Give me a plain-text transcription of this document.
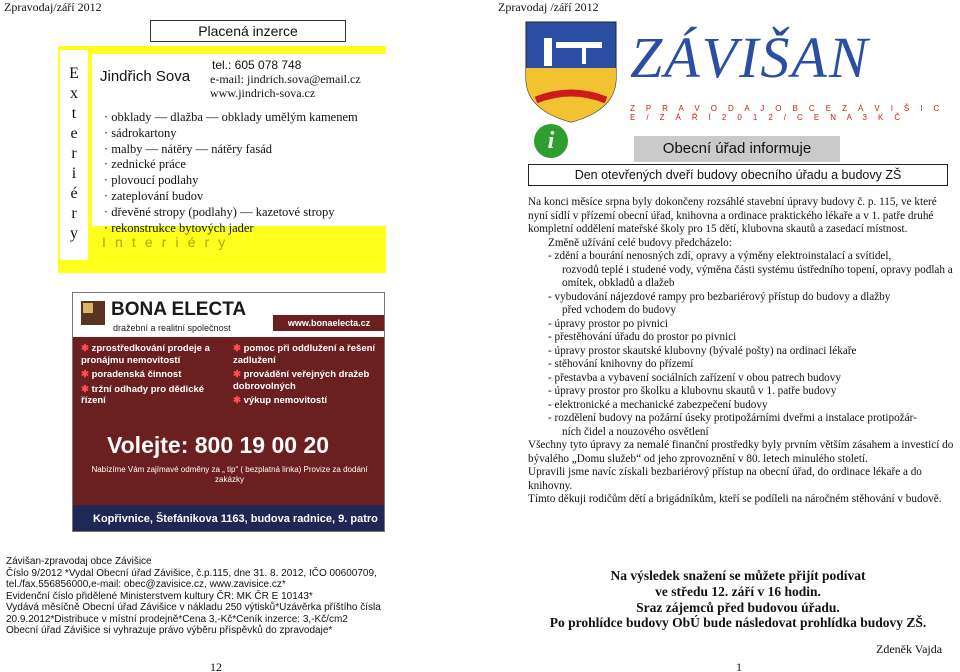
Zpravodaj/září 2012
Placená inzerce
E
x
t
e
r
i
é
r
y
Jindřich Sova
tel.: 605 078 748
e-mail: jindrich.sova@email.cz
www.jindrich-sova.cz
· obklady — dlažba — obklady umělým kamenem
· sádrokartony
· malby — nátěry — nátěry fasád
· zednické práce
· plovoucí podlahy
· zateplování budov
· dřevěné stropy (podlahy) — kazetové stropy
· rekonstrukce bytových jader
I n t e r i é r y
BONA ELECTA
dražební a realitní společnost	www.bonaelecta.cz
✱ zprostředkování prodeje a pronájmu nemovitostí
✱ poradenská činnost
✱ tržní odhady pro dědické řízení
✱ pomoc při oddlužení a řešení zadlužení
✱ provádění veřejných dražeb dobrovolných
✱ výkup nemovitostí
Volejte: 800 19 00 20
Nabízíme Vám zajímavé odměny za „ tip“ ( bezplatná linka) Provize za dodání zakázky
Kopřivnice, Štefánikova 1163, budova radnice, 9. patro
Závišan-zpravodaj obce Závišice
Číslo 9/2012 *Vydal Obecní úřad Závišice, č.p.115, dne 31. 8. 2012, IČO 00600709,
tel./fax.556856000,e-mail: obec@zavisice.cz, www.zavisice.cz*
Evidenční číslo přidělené Ministerstvem kultury ČR: MK ČR E 10143*
Vydává měsíčně Obecní úřad Závišice v nákladu 250 výtisků*Uzávěrka příštího čísla
20.9.2012*Distribuce v místní prodejně*Cena 3,-Kč*Ceník inzerce: 3,-Kč/cm2
Obecní úřad Závišice si vyhrazuje právo výběru příspěvků do zpravodaje*
12
Zpravodaj /září 2012
ZÁVIŠAN
Z P R A V O D A J O B C E Z Á V I Š I C E / Z Á Ř Í 2 0 1 2 / C E N A 3 K Č
i	Obecní úřad informuje
Den otevřených dveří budovy obecního úřadu a budovy ZŠ

Na konci měsíce srpna byly dokončeny rozsáhlé stavební úpravy budovy č. p. 115, ve které nyní sídlí v přízemí obecní úřad, knihovna a ordinace praktického lékaře a v 1. patře druhé kompletní oddělení mateřské školy pro 15 dětí, klubovna skautů a zasedací místnost.

Změně užívání celé budovy předcházelo:

- zdění a bourání nenosných zdí, opravy a výměny elektroinstalací a svítidel,
rozvodů teplé i studené vody, výměna části systému ústředního topení, opravy podlah a omítek, obkladů a dlažeb
- vybudování nájezdové rampy pro bezbariérový přístup do budovy a dlažby
před vchodem do budovy
- úpravy prostor po pivnici
- přestěhování úřadu do prostor po pivnici
- úpravy prostor skautské klubovny (bývalé pošty) na ordinaci lékaře
- stěhování knihovny do přízemí
- přestavba a vybavení sociálních zařízení v obou patrech budovy
- úpravy prostor pro školku a klubovnu skautů v 1. patře budovy
- elektronické a mechanické zabezpečení budovy
- rozdělení budovy na požární úseky protipožárními dveřmi a instalace protipožár-
ních čidel a nouzového osvětlení

Všechny tyto úpravy za nemalé finanční prostředky byly prvním větším zásahem a investicí do bývalého „Domu služeb“ od jeho zprovoznění v 80. letech minulého století.

Upravili jsme navíc získali bezbariérový přístup na obecní úřad, do ordinace lékaře a do knihovny.

Tímto děkuji rodičům dětí a brigádníkům, kteří se podíleli na náročném stěhování v budově.

Na výsledek snažení se můžete přijít podívat
ve středu 12. září v 16 hodin.
Sraz zájemců před budovou úřadu.
Po prohlídce budovy ObÚ bude následovat prohlídka budovy ZŠ.
Zdeněk Vajda
1
